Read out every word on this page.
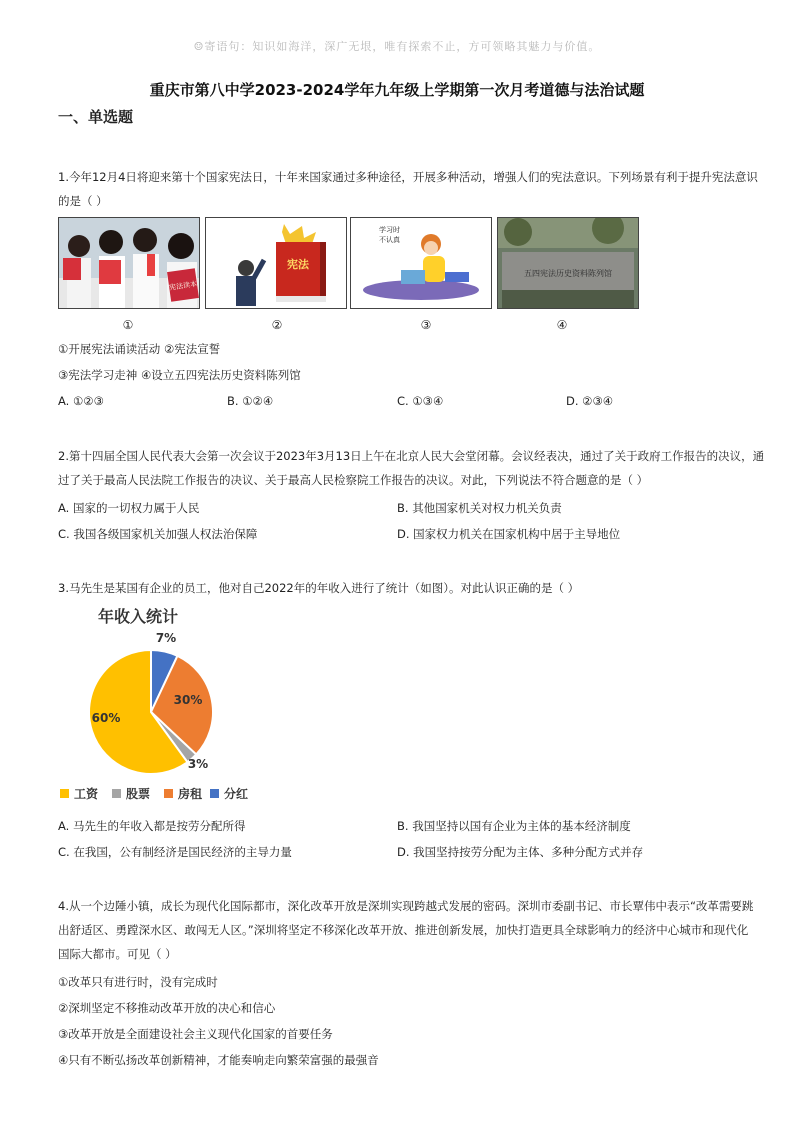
☺寄语句：知识如海洋，深广无垠，唯有探索不止，方可领略其魅力与价值。
重庆市第八中学2023-2024学年九年级上学期第一次月考道德与法治试题
一、单选题
1.今年12月4日将迎来第十个国家宪法日，十年来国家通过多种途径，开展多种活动，增强人们的宪法意识。下列场景有利于提升宪法意识
的是（ ）
宪法读本
宪法
学习时
不认真
五四宪法历史资料陈列馆
①	②	③	④
①开展宪法诵读活动 ②宪法宣誓
③宪法学习走神 ④设立五四宪法历史资料陈列馆
A. ①②③	B. ①②④	C. ①③④	D. ②③④
2.第十四届全国人民代表大会第一次会议于2023年3月13日上午在北京人民大会堂闭幕。会议经表决，通过了关于政府工作报告的决议，通
过了关于最高人民法院工作报告的决议、关于最高人民检察院工作报告的决议。对此，下列说法不符合题意的是（ ）
A. 国家的一切权力属于人民	B. 其他国家机关对权力机关负责
C. 我国各级国家机关加强人权法治保障	D. 国家权力机关在国家机构中居于主导地位
3.马先生是某国有企业的员工，他对自己2022年的年收入进行了统计（如图）。对此认识正确的是（ ）
年收入统计
7%
30%
3%
60%
工资 股票 房租 分红
A. 马先生的年收入都是按劳分配所得	B. 我国坚持以国有企业为主体的基本经济制度
C. 在我国，公有制经济是国民经济的主导力量	D. 我国坚持按劳分配为主体、多种分配方式并存
4.从一个边陲小镇，成长为现代化国际都市，深化改革开放是深圳实现跨越式发展的密码。深圳市委副书记、市长覃伟中表示“改革需要跳
出舒适区、勇蹚深水区、敢闯无人区。”深圳将坚定不移深化改革开放、推进创新发展，加快打造更具全球影响力的经济中心城市和现代化
国际大都市。可见（ ）
①改革只有进行时，没有完成时
②深圳坚定不移推动改革开放的决心和信心
③改革开放是全面建设社会主义现代化国家的首要任务
④只有不断弘扬改革创新精神，才能奏响走向繁荣富强的最强音
